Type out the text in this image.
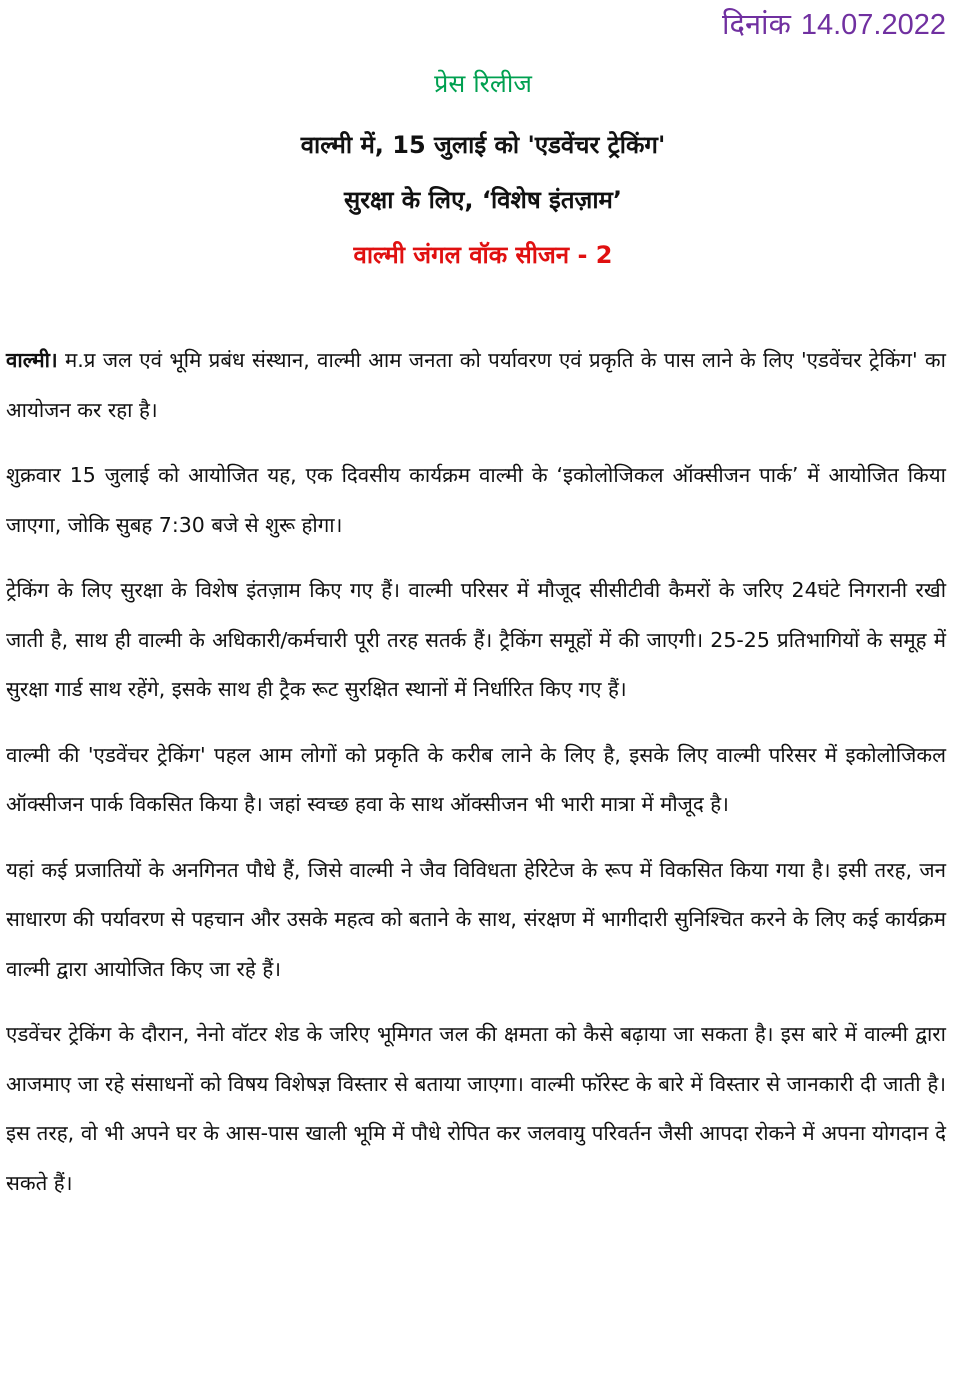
दिनांक 14.07.2022
प्रेस रिलीज
वाल्मी में, 15 जुलाई को 'एडवेंचर ट्रेकिंग'
सुरक्षा के लिए, ‘विशेष इंतज़ाम’
वाल्मी जंगल वॉक सीजन - 2

वाल्मी। म.प्र जल एवं भूमि प्रबंध संस्थान, वाल्मी आम जनता को पर्यावरण एवं प्रकृति के पास लाने के लिए 'एडवेंचर ट्रेकिंग' का आयोजन कर रहा है।

शुक्रवार 15 जुलाई को आयोजित यह, एक दिवसीय कार्यक्रम वाल्मी के ‘इकोलोजिकल ऑक्सीजन पार्क’ में आयोजित किया जाएगा, जोकि सुबह 7:30 बजे से शुरू होगा।

ट्रेकिंग के लिए सुरक्षा के विशेष इंतज़ाम किए गए हैं। वाल्मी परिसर में मौजूद सीसीटीवी कैमरों के जरिए 24घंटे निगरानी रखी जाती है, साथ ही वाल्मी के अधिकारी/कर्मचारी पूरी तरह सतर्क हैं। ट्रैकिंग समूहों में की जाएगी। 25-25 प्रतिभागियों के समूह में सुरक्षा गार्ड साथ रहेंगे, इसके साथ ही ट्रैक रूट सुरक्षित स्थानों में निर्धारित किए गए हैं।

वाल्मी की 'एडवेंचर ट्रेकिंग' पहल आम लोगों को प्रकृति के करीब लाने के लिए है, इसके लिए वाल्मी परिसर में इकोलोजिकल ऑक्सीजन पार्क विकसित किया है। जहां स्वच्छ हवा के साथ ऑक्सीजन भी भारी मात्रा में मौजूद है।

यहां कई प्रजातियों के अनगिनत पौधे हैं, जिसे वाल्मी ने जैव विविधता हेरिटेज के रूप में विकसित किया गया है। इसी तरह, जन साधारण की पर्यावरण से पहचान और उसके महत्व को बताने के साथ, संरक्षण में भागीदारी सुनिश्चित करने के लिए कई कार्यक्रम वाल्मी द्वारा आयोजित किए जा रहे हैं।

एडवेंचर ट्रेकिंग के दौरान, नेनो वॉटर शेड के जरिए भूमिगत जल की क्षमता को कैसे बढ़ाया जा सकता है। इस बारे में वाल्मी द्वारा आजमाए जा रहे संसाधनों को विषय विशेषज्ञ विस्तार से बताया जाएगा। वाल्मी फॉरेस्ट के बारे में विस्तार से जानकारी दी जाती है। इस तरह, वो भी अपने घर के आस-पास खाली भूमि में पौधे रोपित कर जलवायु परिवर्तन जैसी आपदा रोकने में अपना योगदान दे सकते हैं।
